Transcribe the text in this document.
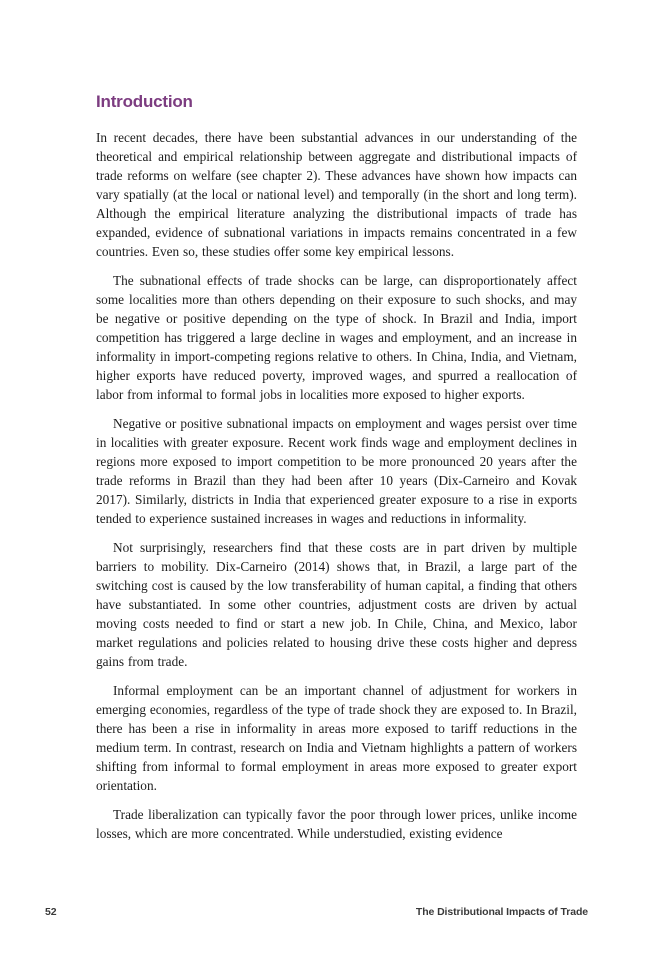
Introduction

In recent decades, there have been substantial advances in our understanding of the theoretical and empirical relationship between aggregate and distributional impacts of trade reforms on welfare (see chapter 2). These advances have shown how impacts can vary spatially (at the local or national level) and temporally (in the short and long term). Although the empirical literature analyzing the distributional impacts of trade has expanded, evidence of subnational variations in impacts remains concentrated in a few countries. Even so, these studies offer some key empirical lessons.

The subnational effects of trade shocks can be large, can disproportionately affect some localities more than others depending on their exposure to such shocks, and may be negative or positive depending on the type of shock. In Brazil and India, import competition has triggered a large decline in wages and employment, and an increase in informality in import-competing regions relative to others. In China, India, and Vietnam, higher exports have reduced poverty, improved wages, and spurred a reallocation of labor from informal to formal jobs in localities more exposed to higher exports.

Negative or positive subnational impacts on employment and wages persist over time in localities with greater exposure. Recent work finds wage and employment declines in regions more exposed to import competition to be more pronounced 20 years after the trade reforms in Brazil than they had been after 10 years (Dix-Carneiro and Kovak 2017). Similarly, districts in India that experienced greater exposure to a rise in exports tended to experience sustained increases in wages and reductions in informality.

Not surprisingly, researchers find that these costs are in part driven by multiple barriers to mobility. Dix-Carneiro (2014) shows that, in Brazil, a large part of the switching cost is caused by the low transferability of human capital, a finding that others have substantiated. In some other countries, adjustment costs are driven by actual moving costs needed to find or start a new job. In Chile, China, and Mexico, labor market regulations and policies related to housing drive these costs higher and depress gains from trade.

Informal employment can be an important channel of adjustment for workers in emerging economies, regardless of the type of trade shock they are exposed to. In Brazil, there has been a rise in informality in areas more exposed to tariff reductions in the medium term. In contrast, research on India and Vietnam highlights a pattern of workers shifting from informal to formal employment in areas more exposed to greater export orientation.

Trade liberalization can typically favor the poor through lower prices, unlike income losses, which are more concentrated. While understudied, existing evidence

52	The Distributional Impacts of Trade
